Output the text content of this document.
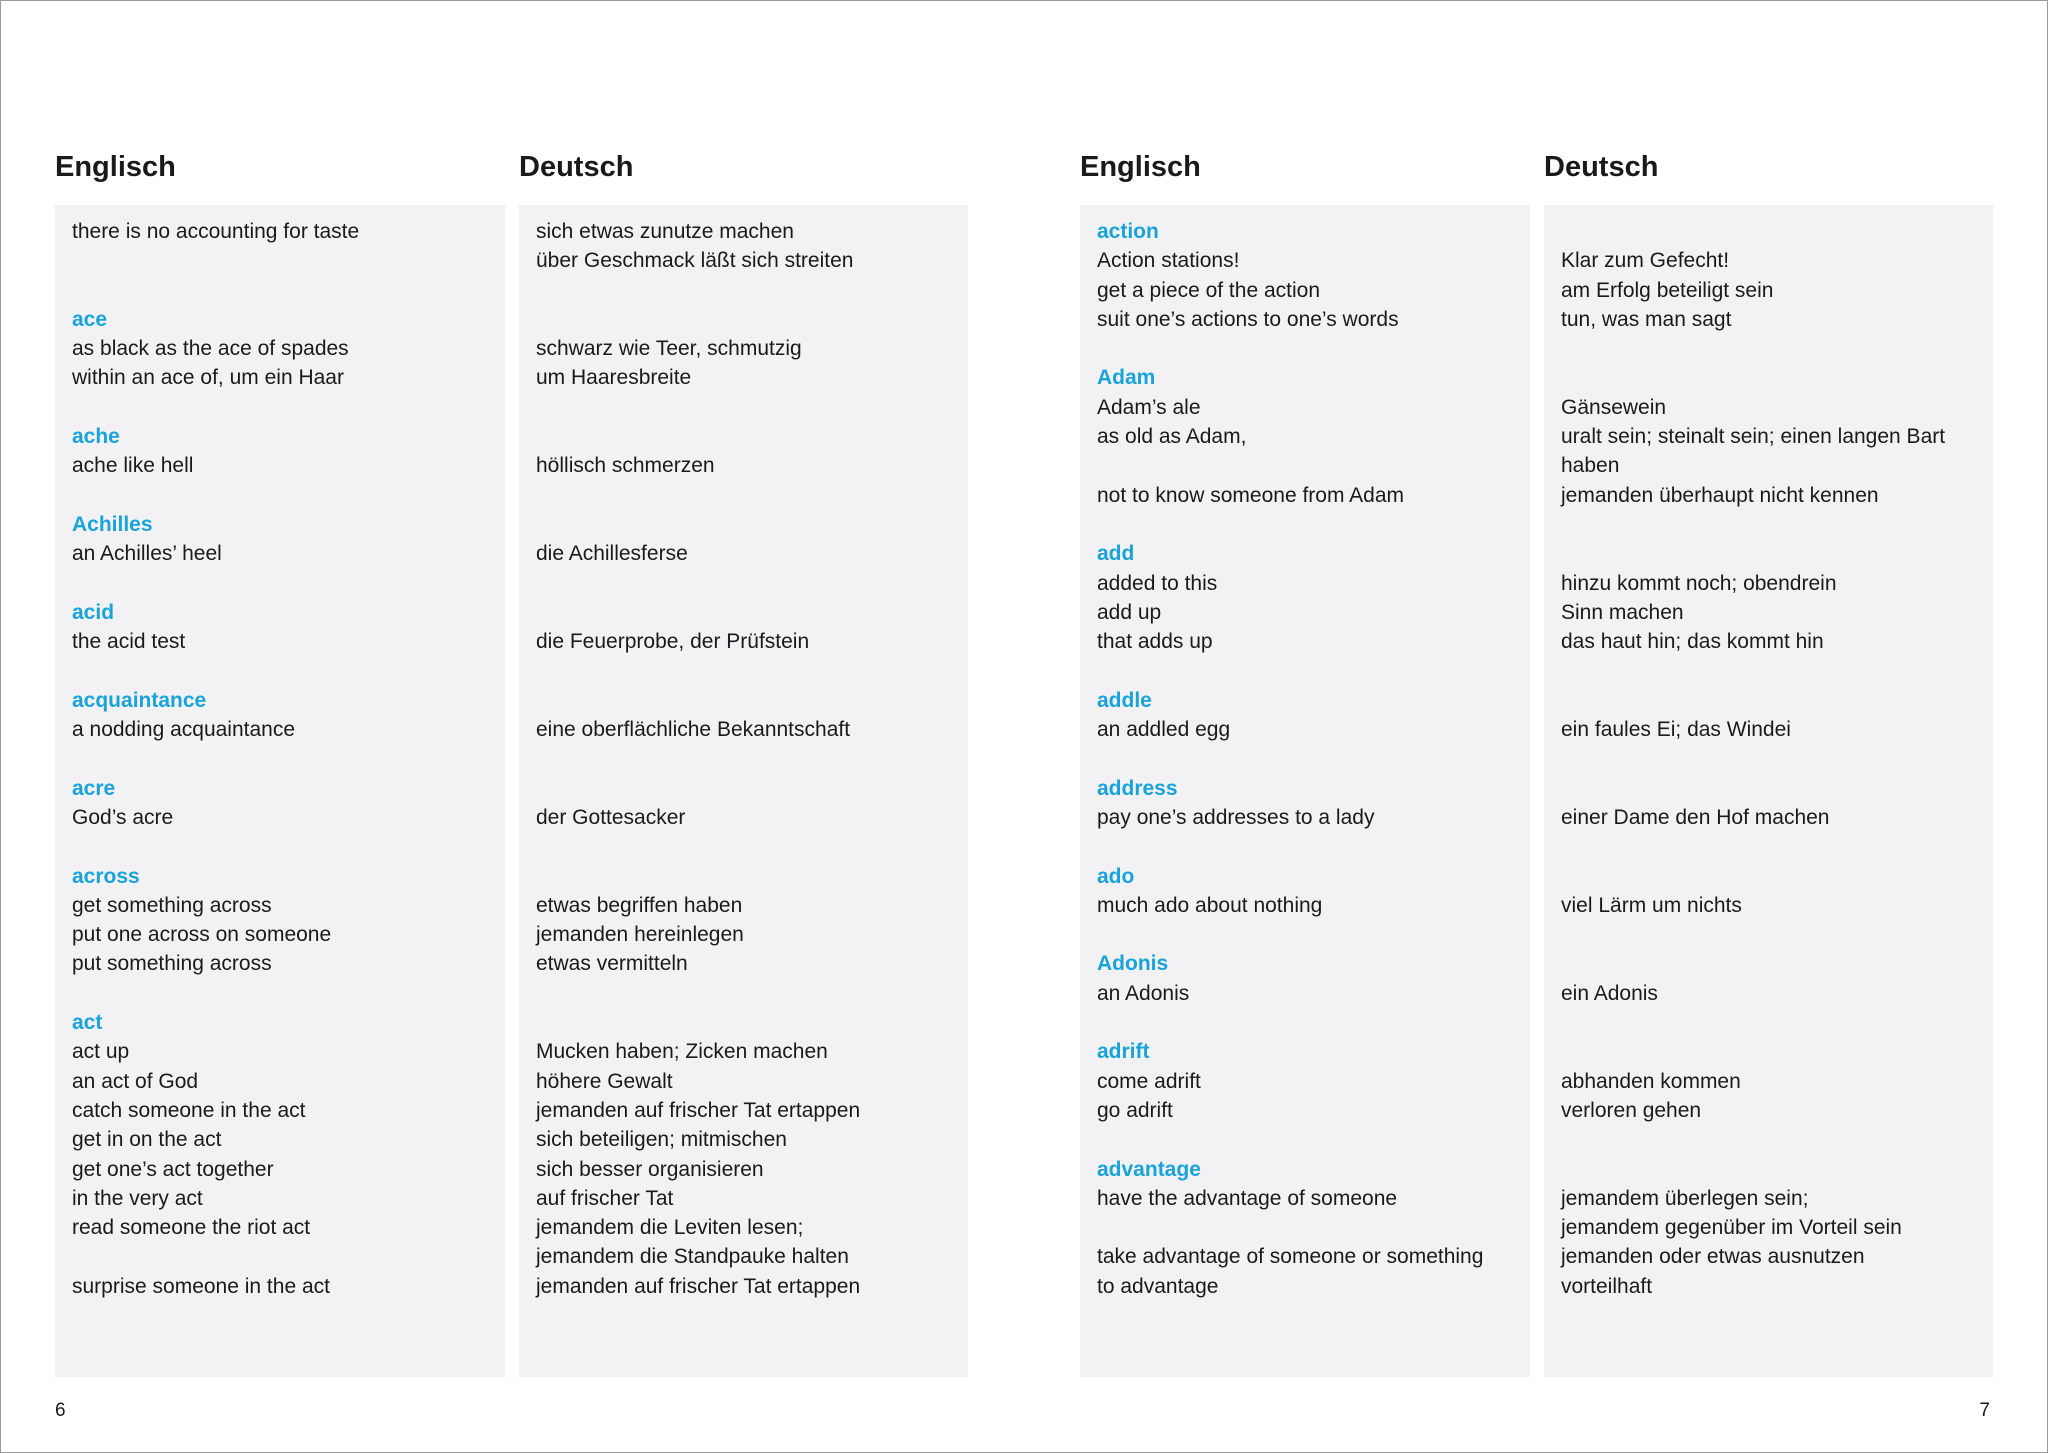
Englisch	Deutsch
there is no accounting for taste
ace
as black as the ace of spades
within an ace of, um ein Haar
ache
ache like hell
Achilles
an Achilles’ heel
acid
the acid test
acquaintance
a nodding acquaintance
acre
God’s acre
across
get something across
put one across on someone
put something across
act
act up
an act of God
catch someone in the act
get in on the act
get one’s act together
in the very act
read someone the riot act
surprise someone in the act
sich etwas zunutze machen
über Geschmack läßt sich streiten
schwarz wie Teer, schmutzig
um Haaresbreite
höllisch schmerzen
die Achillesferse
die Feuerprobe, der Prüfstein
eine oberflächliche Bekanntschaft
der Gottesacker
etwas begriffen haben
jemanden hereinlegen
etwas vermitteln
Mucken haben; Zicken machen
höhere Gewalt
jemanden auf frischer Tat ertappen
sich beteiligen; mitmischen
sich besser organisieren
auf frischer Tat
jemandem die Leviten lesen;
jemandem die Standpauke halten
jemanden auf frischer Tat ertappen
6
Englisch	Deutsch
action
Action stations!
get a piece of the action
suit one’s actions to one’s words
Adam
Adam’s ale
as old as Adam,
not to know someone from Adam
add
added to this
add up
that adds up
addle
an addled egg
address
pay one’s addresses to a lady
ado
much ado about nothing
Adonis
an Adonis
adrift
come adrift
go adrift
advantage
have the advantage of someone
take advantage of someone or something
to advantage
Klar zum Gefecht!
am Erfolg beteiligt sein
tun, was man sagt
Gänsewein
uralt sein; steinalt sein; einen langen Bart
haben
jemanden überhaupt nicht kennen
hinzu kommt noch; obendrein
Sinn machen
das haut hin; das kommt hin
ein faules Ei; das Windei
einer Dame den Hof machen
viel Lärm um nichts
ein Adonis
abhanden kommen
verloren gehen
jemandem überlegen sein;
jemandem gegenüber im Vorteil sein
jemanden oder etwas ausnutzen
vorteilhaft
7
